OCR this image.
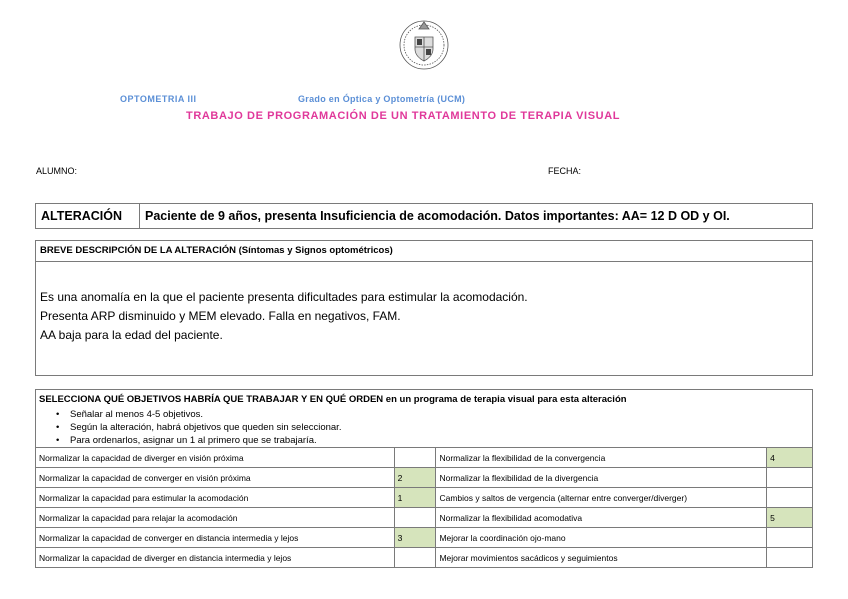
OPTOMETRIA III	Grado en Óptica y Optometría (UCM)
TRABAJO DE PROGRAMACIÓN DE UN TRATAMIENTO DE TERAPIA VISUAL
ALUMNO:	FECHA:
ALTERACIÓN	Paciente de 9 años, presenta Insuficiencia de acomodación. Datos importantes: AA= 12 D OD y OI.
BREVE DESCRIPCIÓN DE LA ALTERACIÓN (Síntomas y Signos optométricos)
Es una anomalía en la que el paciente presenta dificultades para estimular la acomodación.
Presenta ARP disminuido y MEM elevado. Falla en negativos, FAM.
AA baja para la edad del paciente.
SELECCIONA QUÉ OBJETIVOS HABRÍA QUE TRABAJAR Y EN QUÉ ORDEN en un programa de terapia visual para esta alteración
• Señalar al menos 4-5 objetivos.
• Según la alteración, habrá objetivos que queden sin seleccionar.
• Para ordenarlos, asignar un 1 al primero que se trabajaría.
Normalizar la capacidad de diverger en visión próxima		Normalizar la flexibilidad de la convergencia	4
Normalizar la capacidad de converger en visión próxima	2	Normalizar la flexibilidad de la divergencia	
Normalizar la capacidad para estimular la acomodación	1	Cambios y saltos de vergencia (alternar entre converger/diverger)	
Normalizar la capacidad para relajar la acomodación		Normalizar la flexibilidad acomodativa	5
Normalizar la capacidad de converger en distancia intermedia y lejos	3	Mejorar la coordinación ojo-mano	
Normalizar la capacidad de diverger en distancia intermedia y lejos		Mejorar movimientos sacádicos y seguimientos	
